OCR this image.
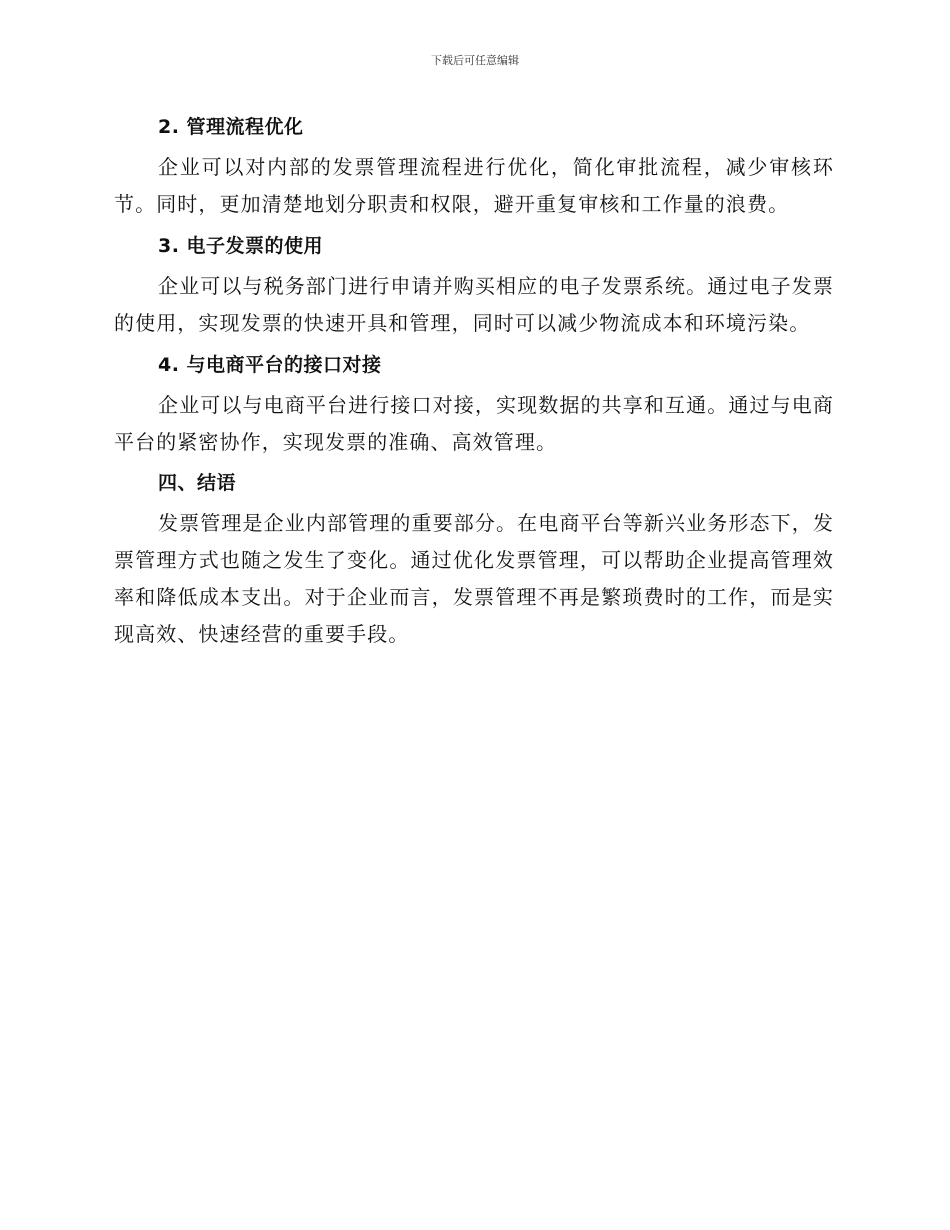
下载后可任意编辑
2. 管理流程优化

企业可以对内部的发票管理流程进行优化，简化审批流程，减少审核环节。同时，更加清楚地划分职责和权限，避开重复审核和工作量的浪费。

3. 电子发票的使用

企业可以与税务部门进行申请并购买相应的电子发票系统。通过电子发票的使用，实现发票的快速开具和管理，同时可以减少物流成本和环境污染。

4. 与电商平台的接口对接

企业可以与电商平台进行接口对接，实现数据的共享和互通。通过与电商平台的紧密协作，实现发票的准确、高效管理。

四、结语

发票管理是企业内部管理的重要部分。在电商平台等新兴业务形态下，发票管理方式也随之发生了变化。通过优化发票管理，可以帮助企业提高管理效率和降低成本支出。对于企业而言，发票管理不再是繁琐费时的工作，而是实现高效、快速经营的重要手段。
